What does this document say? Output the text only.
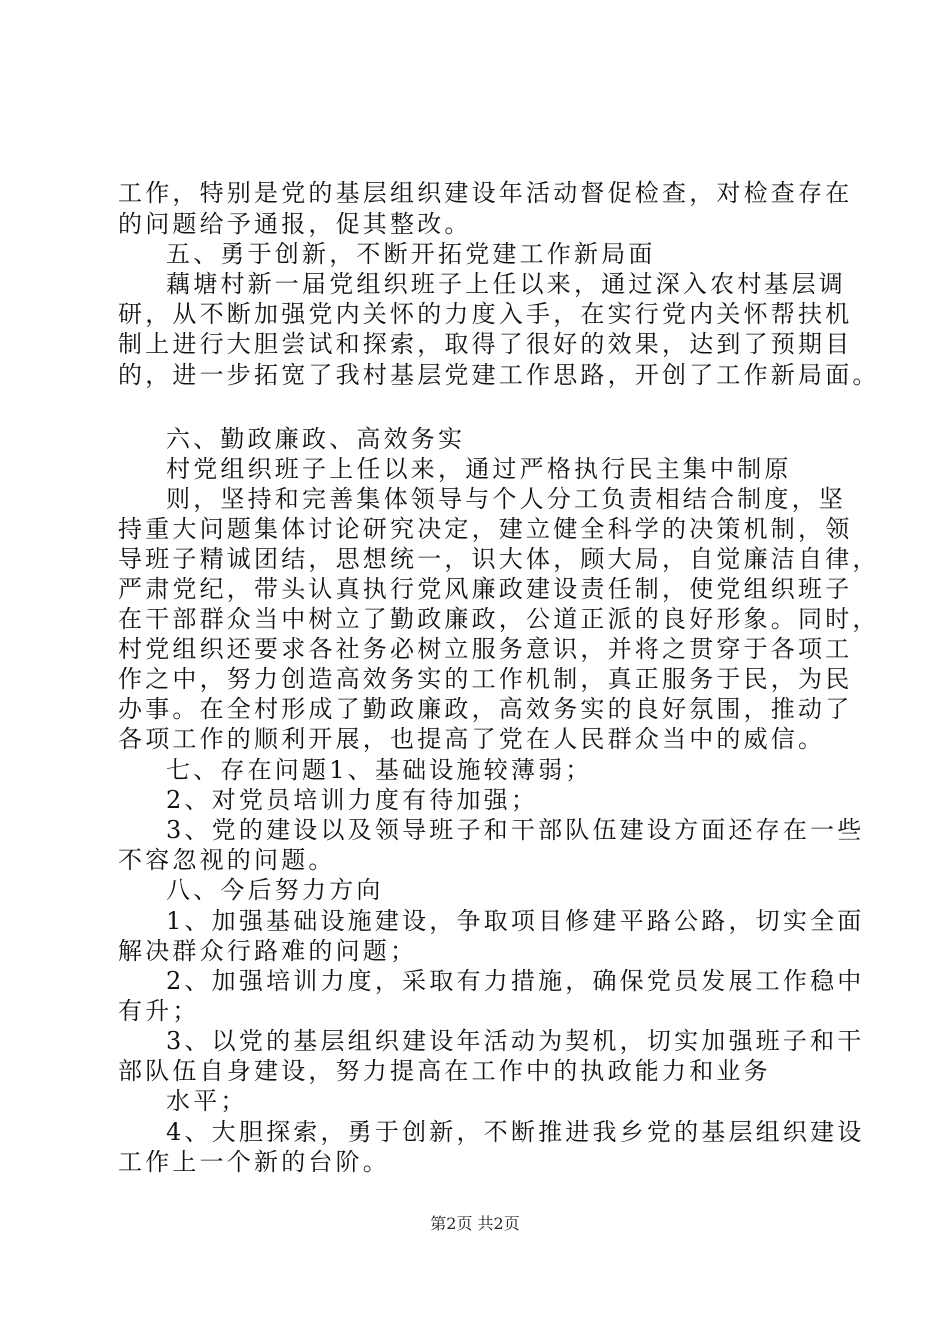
工作，特别是党的基层组织建设年活动督促检查，对检查存在
的问题给予通报，促其整改。
五、勇于创新，不断开拓党建工作新局面
藕塘村新一届党组织班子上任以来，通过深入农村基层调
研，从不断加强党内关怀的力度入手，在实行党内关怀帮扶机
制上进行大胆尝试和探索，取得了很好的效果，达到了预期目
的，进一步拓宽了我村基层党建工作思路，开创了工作新局面。
六、勤政廉政、高效务实
村党组织班子上任以来，通过严格执行民主集中制原
则，坚持和完善集体领导与个人分工负责相结合制度，坚
持重大问题集体讨论研究决定，建立健全科学的决策机制，领
导班子精诚团结，思想统一，识大体，顾大局，自觉廉洁自律，
严肃党纪，带头认真执行党风廉政建设责任制，使党组织班子
在干部群众当中树立了勤政廉政，公道正派的良好形象。同时，
村党组织还要求各社务必树立服务意识，并将之贯穿于各项工
作之中，努力创造高效务实的工作机制，真正服务于民，为民
办事。在全村形成了勤政廉政，高效务实的良好氛围，推动了
各项工作的顺利开展，也提高了党在人民群众当中的威信。
七、存在问题1、基础设施较薄弱；
2、对党员培训力度有待加强；
3、党的建设以及领导班子和干部队伍建设方面还存在一些
不容忽视的问题。
八、今后努力方向
1、加强基础设施建设，争取项目修建平路公路，切实全面
解决群众行路难的问题；
2、加强培训力度，采取有力措施，确保党员发展工作稳中
有升；
3、以党的基层组织建设年活动为契机，切实加强班子和干
部队伍自身建设，努力提高在工作中的执政能力和业务
水平；
4、大胆探索，勇于创新，不断推进我乡党的基层组织建设
工作上一个新的台阶。
第2页 共2页
